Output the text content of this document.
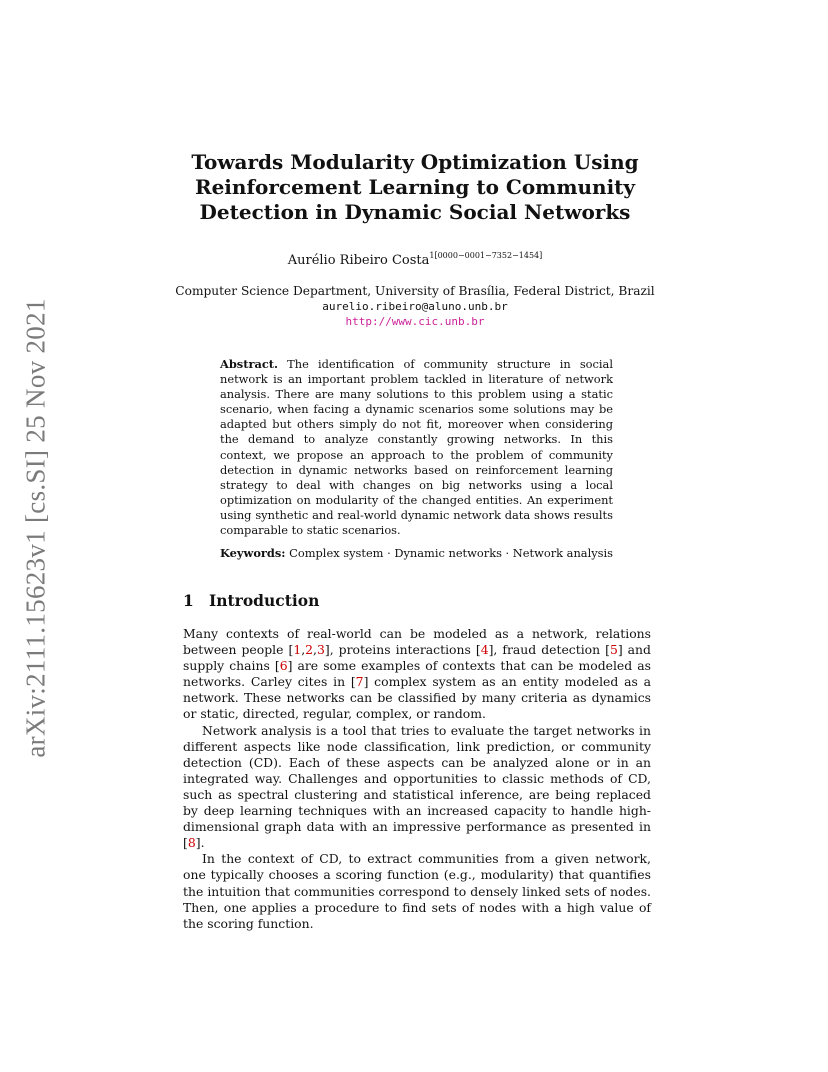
arXiv:2111.15623v1 [cs.SI] 25 Nov 2021
Towards Modularity Optimization Using
Reinforcement Learning to Community
Detection in Dynamic Social Networks
Aurélio Ribeiro Costa$^{1[0000-0001-7352-1454]}$
Computer Science Department, University of Brasília, Federal District, Brazil
aurelio.ribeiro@aluno.unb.br
http://www.cic.unb.br
Abstract. The identification of community structure in social network is an important problem tackled in literature of network analysis. There are many solutions to this problem using a static scenario, when facing a dynamic scenarios some solutions may be adapted but others simply do not fit, moreover when considering the demand to analyze constantly growing networks. In this context, we propose an approach to the problem of community detection in dynamic networks based on reinforcement learning strategy to deal with changes on big networks using a local optimization on modularity of the changed entities. An experiment using synthetic and real-world dynamic network data shows results comparable to static scenarios.
Keywords: Complex system · Dynamic networks · Network analysis
1 Introduction

Many contexts of real-world can be modeled as a network, relations between people [1,2,3], proteins interactions [4], fraud detection [5] and supply chains [6] are some examples of contexts that can be modeled as networks. Carley cites in [7] complex system as an entity modeled as a network. These networks can be classified by many criteria as dynamics or static, directed, regular, complex, or random.

Network analysis is a tool that tries to evaluate the target networks in different aspects like node classification, link prediction, or community detection (CD). Each of these aspects can be analyzed alone or in an integrated way. Challenges and opportunities to classic methods of CD, such as spectral clustering and statistical inference, are being replaced by deep learning techniques with an increased capacity to handle high-dimensional graph data with an impressive performance as presented in [8].

In the context of CD, to extract communities from a given network, one typically chooses a scoring function (e.g., modularity) that quantifies the intuition that communities correspond to densely linked sets of nodes. Then, one applies a procedure to find sets of nodes with a high value of the scoring function.
